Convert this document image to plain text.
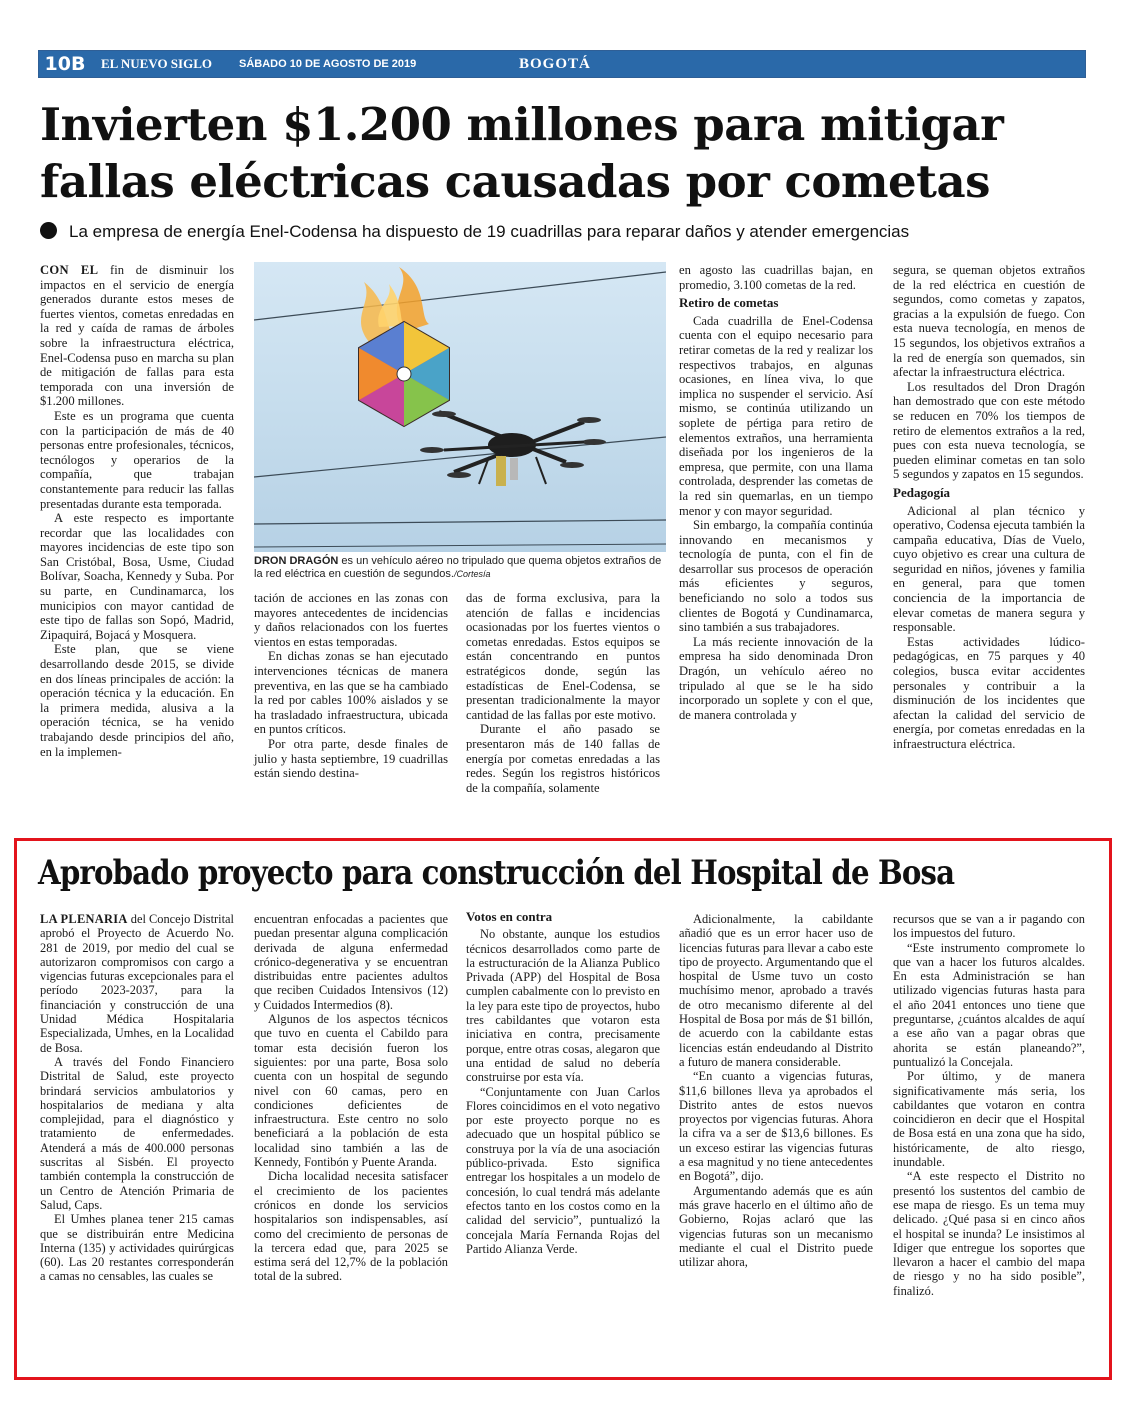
10B	EL NUEVO SIGLO SÁBADO 10 DE AGOSTO DE 2019	BOGOTÁ
Invierten $1.200 millones para mitigar fallas eléctricas causadas por cometas
La empresa de energía Enel-Codensa ha dispuesto de 19 cuadrillas para reparar daños y atender emergencias

CON EL fin de disminuir los impactos en el servicio de energía generados durante estos meses de fuertes vientos, cometas enredadas en la red y caída de ramas de árboles sobre la infraestructura eléctrica, Enel-Codensa puso en marcha su plan de mitigación de fallas para esta temporada con una inversión de $1.200 millones.

Este es un programa que cuenta con la participación de más de 40 personas entre profesionales, técnicos, tecnólogos y operarios de la compañía, que trabajan constantemente para reducir las fallas presentadas durante esta temporada.

A este respecto es importante recordar que las localidades con mayores incidencias de este tipo son San Cristóbal, Bosa, Usme, Ciudad Bolívar, Soacha, Kennedy y Suba. Por su parte, en Cundinamarca, los municipios con mayor cantidad de este tipo de fallas son Sopó, Madrid, Zipaquirá, Bojacá y Mosquera.

Este plan, que se viene desarrollando desde 2015, se divide en dos líneas principales de acción: la operación técnica y la educación. En la primera medida, alusiva a la operación técnica, se ha venido trabajando desde principios del año, en la implemen-

DRON DRAGÓN es un vehículo aéreo no tripulado que quema objetos extraños de la red eléctrica en cuestión de segundos./Cortesía

tación de acciones en las zonas con mayores antecedentes de incidencias y daños relacionados con los fuertes vientos en estas temporadas.

En dichas zonas se han ejecutado intervenciones técnicas de manera preventiva, en las que se ha cambiado la red por cables 100% aislados y se ha trasladado infraestructura, ubicada en puntos críticos.

Por otra parte, desde finales de julio y hasta septiembre, 19 cuadrillas están siendo destina-

das de forma exclusiva, para la atención de fallas e incidencias ocasionadas por los fuertes vientos o cometas enredadas. Estos equipos se están concentrando en puntos estratégicos donde, según las estadísticas de Enel-Codensa, se presentan tradicionalmente la mayor cantidad de las fallas por este motivo.

Durante el año pasado se presentaron más de 140 fallas de energía por cometas enredadas a las redes. Según los registros históricos de la compañía, solamente

en agosto las cuadrillas bajan, en promedio, 3.100 cometas de la red.

Retiro de cometas

Cada cuadrilla de Enel-Codensa cuenta con el equipo necesario para retirar cometas de la red y realizar los respectivos trabajos, en algunas ocasiones, en línea viva, lo que implica no suspender el servicio. Así mismo, se continúa utilizando un soplete de pértiga para retiro de elementos extraños, una herramienta diseñada por los ingenieros de la empresa, que permite, con una llama controlada, desprender las cometas de la red sin quemarlas, en un tiempo menor y con mayor seguridad.

Sin embargo, la compañía continúa innovando en mecanismos y tecnología de punta, con el fin de desarrollar sus procesos de operación más eficientes y seguros, beneficiando no solo a todos sus clientes de Bogotá y Cundinamarca, sino también a sus trabajadores.

La más reciente innovación de la empresa ha sido denominada Dron Dragón, un vehículo aéreo no tripulado al que se le ha sido incorporado un soplete y con el que, de manera controlada y

segura, se queman objetos extraños de la red eléctrica en cuestión de segundos, como cometas y zapatos, gracias a la expulsión de fuego. Con esta nueva tecnología, en menos de 15 segundos, los objetivos extraños a la red de energía son quemados, sin afectar la infraestructura eléctrica.

Los resultados del Dron Dragón han demostrado que con este método se reducen en 70% los tiempos de retiro de elementos extraños a la red, pues con esta nueva tecnología, se pueden eliminar cometas en tan solo 5 segundos y zapatos en 15 segundos.

Pedagogía

Adicional al plan técnico y operativo, Codensa ejecuta también la campaña educativa, Días de Vuelo, cuyo objetivo es crear una cultura de seguridad en niños, jóvenes y familia en general, para que tomen conciencia de la importancia de elevar cometas de manera segura y responsable.

Estas actividades lúdico-pedagógicas, en 75 parques y 40 colegios, busca evitar accidentes personales y contribuir a la disminución de los incidentes que afectan la calidad del servicio de energía, por cometas enredadas en la infraestructura eléctrica.

Aprobado proyecto para construcción del Hospital de Bosa

LA PLENARIA del Concejo Distrital aprobó el Proyecto de Acuerdo No. 281 de 2019, por medio del cual se autorizaron compromisos con cargo a vigencias futuras excepcionales para el período 2023-2037, para la financiación y construcción de una Unidad Médica Hospitalaria Especializada, Umhes, en la Localidad de Bosa.

A través del Fondo Financiero Distrital de Salud, este proyecto brindará servicios ambulatorios y hospitalarios de mediana y alta complejidad, para el diagnóstico y tratamiento de enfermedades. Atenderá a más de 400.000 personas suscritas al Sisbén. El proyecto también contempla la construcción de un Centro de Atención Primaria de Salud, Caps.

El Umhes planea tener 215 camas que se distribuirán entre Medicina Interna (135) y actividades quirúrgicas (60). Las 20 restantes corresponderán a camas no censables, las cuales se

encuentran enfocadas a pacientes que puedan presentar alguna complicación derivada de alguna enfermedad crónico-degenerativa y se encuentran distribuidas entre pacientes adultos que reciben Cuidados Intensivos (12) y Cuidados Intermedios (8).

Algunos de los aspectos técnicos que tuvo en cuenta el Cabildo para tomar esta decisión fueron los siguientes: por una parte, Bosa solo cuenta con un hospital de segundo nivel con 60 camas, pero en condiciones deficientes de infraestructura. Este centro no solo beneficiará a la población de esta localidad sino también a las de Kennedy, Fontibón y Puente Aranda.

Dicha localidad necesita satisfacer el crecimiento de los pacientes crónicos en donde los servicios hospitalarios son indispensables, así como del crecimiento de personas de la tercera edad que, para 2025 se estima será del 12,7% de la población total de la subred.

Votos en contra

No obstante, aunque los estudios técnicos desarrollados como parte de la estructuración de la Alianza Publico Privada (APP) del Hospital de Bosa cumplen cabalmente con lo previsto en la ley para este tipo de proyectos, hubo tres cabildantes que votaron esta iniciativa en contra, precisamente porque, entre otras cosas, alegaron que una entidad de salud no debería construirse por esta vía.

“Conjuntamente con Juan Carlos Flores coincidimos en el voto negativo por este proyecto porque no es adecuado que un hospital público se construya por la vía de una asociación público-privada. Esto significa entregar los hospitales a un modelo de concesión, lo cual tendrá más adelante efectos tanto en los costos como en la calidad del servicio”, puntualizó la concejala María Fernanda Rojas del Partido Alianza Verde.

Adicionalmente, la cabildante añadió que es un error hacer uso de licencias futuras para llevar a cabo este tipo de proyecto. Argumentando que el hospital de Usme tuvo un costo muchísimo menor, aprobado a través de otro mecanismo diferente al del Hospital de Bosa por más de $1 billón, de acuerdo con la cabildante estas licencias están endeudando al Distrito a futuro de manera considerable.

“En cuanto a vigencias futuras, $11,6 billones lleva ya aprobados el Distrito antes de estos nuevos proyectos por vigencias futuras. Ahora la cifra va a ser de $13,6 billones. Es un exceso estirar las vigencias futuras a esa magnitud y no tiene antecedentes en Bogotá”, dijo.

Argumentando además que es aún más grave hacerlo en el último año de Gobierno, Rojas aclaró que las vigencias futuras son un mecanismo mediante el cual el Distrito puede utilizar ahora,

recursos que se van a ir pagando con los impuestos del futuro.

“Este instrumento compromete lo que van a hacer los futuros alcaldes. En esta Administración se han utilizado vigencias futuras hasta para el año 2041 entonces uno tiene que preguntarse, ¿cuántos alcaldes de aquí a ese año van a pagar obras que ahorita se están planeando?”, puntualizó la Concejala.

Por último, y de manera significativamente más seria, los cabildantes que votaron en contra coincidieron en decir que el Hospital de Bosa está en una zona que ha sido, históricamente, de alto riesgo, inundable.

“A este respecto el Distrito no presentó los sustentos del cambio de ese mapa de riesgo. Es un tema muy delicado. ¿Qué pasa si en cinco años el hospital se inunda? Le insistimos al Idiger que entregue los soportes que llevaron a hacer el cambio del mapa de riesgo y no ha sido posible”, finalizó.
